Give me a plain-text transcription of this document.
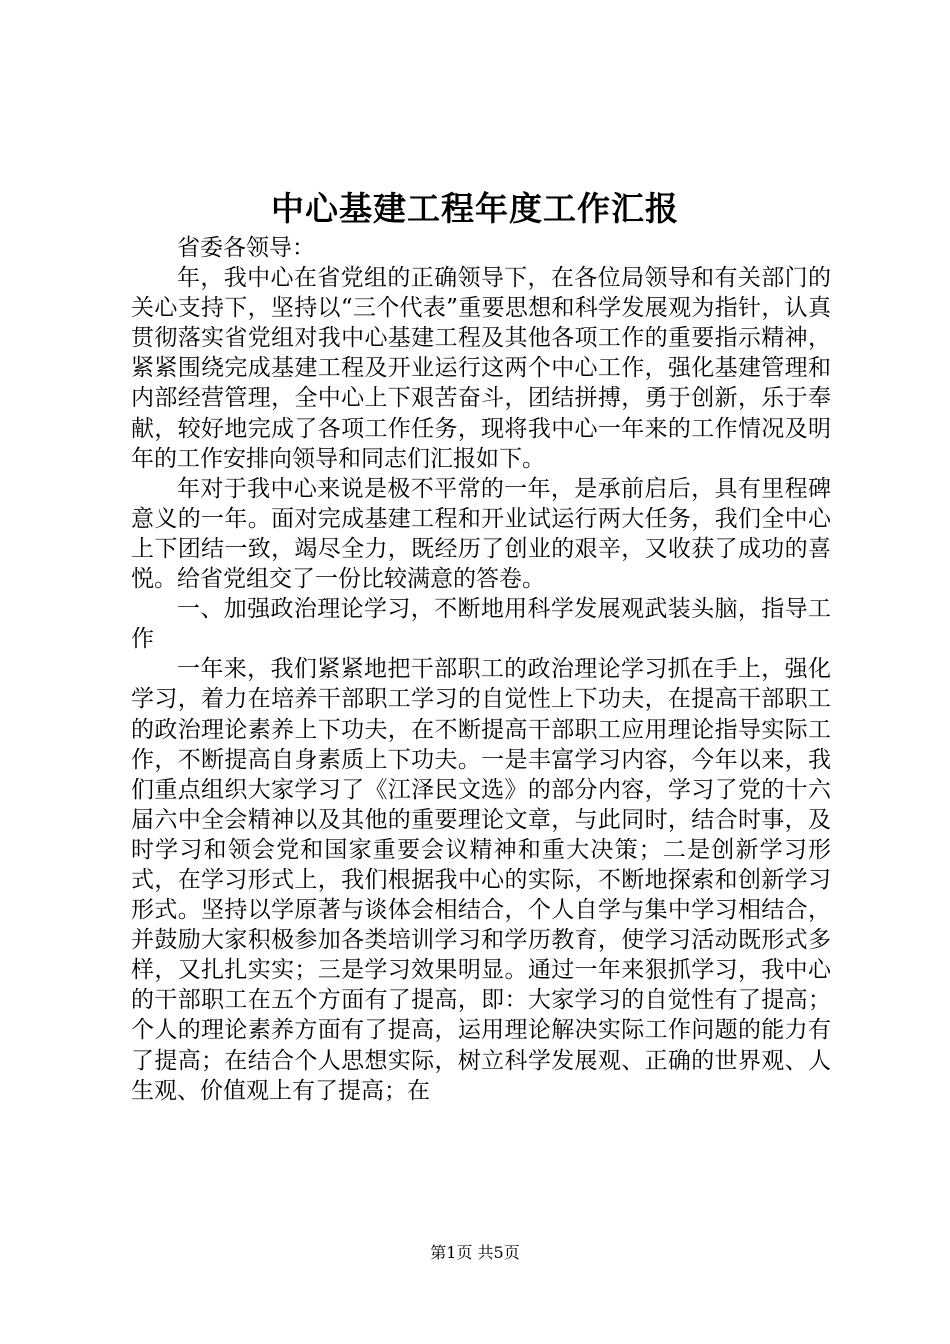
中心基建工程年度工作汇报

省委各领导：

年，我中心在省党组的正确领导下，在各位局领导和有关部门的关心支持下，坚持以“三个代表”重要思想和科学发展观为指针，认真贯彻落实省党组对我中心基建工程及其他各项工作的重要指示精神，紧紧围绕完成基建工程及开业运行这两个中心工作，强化基建管理和内部经营管理，全中心上下艰苦奋斗，团结拼搏，勇于创新，乐于奉献，较好地完成了各项工作任务，现将我中心一年来的工作情况及明年的工作安排向领导和同志们汇报如下。

年对于我中心来说是极不平常的一年，是承前启后，具有里程碑意义的一年。面对完成基建工程和开业试运行两大任务，我们全中心上下团结一致，竭尽全力，既经历了创业的艰辛，又收获了成功的喜悦。给省党组交了一份比较满意的答卷。

一、加强政治理论学习，不断地用科学发展观武装头脑，指导工作

一年来，我们紧紧地把干部职工的政治理论学习抓在手上，强化学习，着力在培养干部职工学习的自觉性上下功夫，在提高干部职工的政治理论素养上下功夫，在不断提高干部职工应用理论指导实际工作，不断提高自身素质上下功夫。一是丰富学习内容，今年以来，我们重点组织大家学习了《江泽民文选》的部分内容，学习了党的十六届六中全会精神以及其他的重要理论文章，与此同时，结合时事，及时学习和领会党和国家重要会议精神和重大决策；二是创新学习形式，在学习形式上，我们根据我中心的实际，不断地探索和创新学习形式。坚持以学原著与谈体会相结合，个人自学与集中学习相结合，并鼓励大家积极参加各类培训学习和学历教育，使学习活动既形式多样，又扎扎实实；三是学习效果明显。通过一年来狠抓学习，我中心的干部职工在五个方面有了提高，即：大家学习的自觉性有了提高；个人的理论素养方面有了提高，运用理论解决实际工作问题的能力有了提高；在结合个人思想实际，树立科学发展观、正确的世界观、人生观、价值观上有了提高；在

第1页 共5页
